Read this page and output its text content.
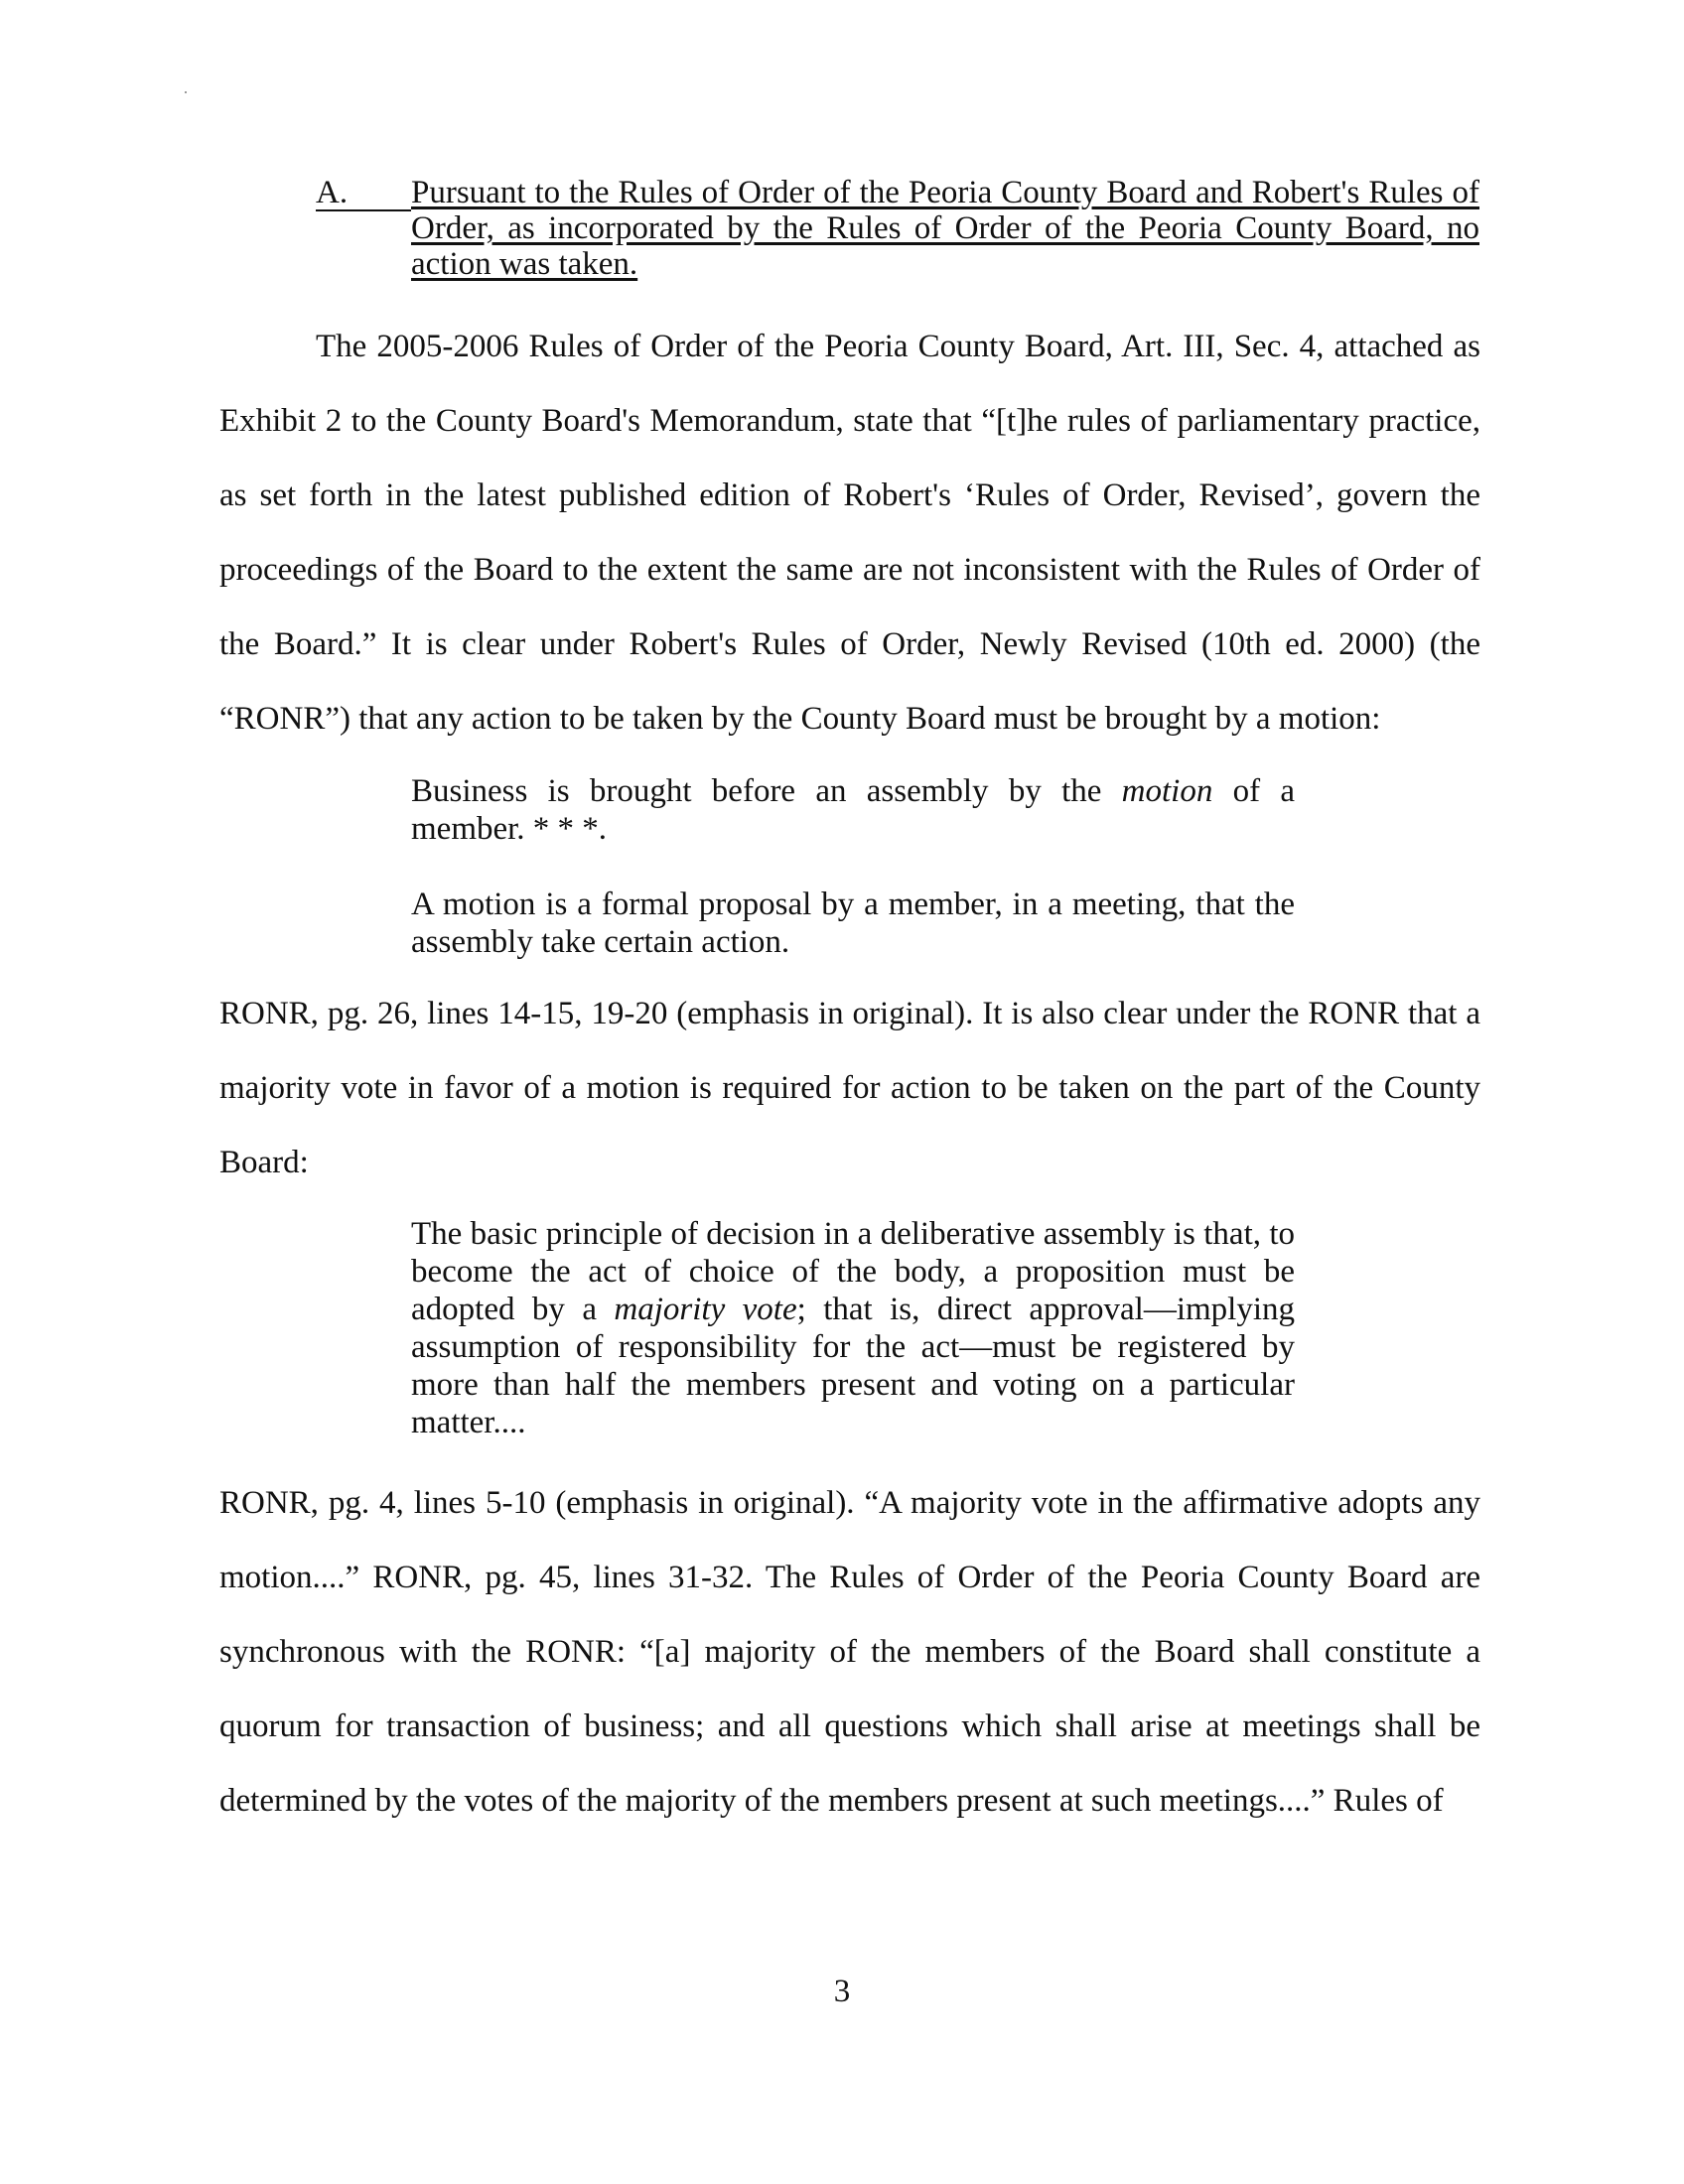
A. Pursuant to the Rules of Order of the Peoria County Board and Robert's Rules of Order, as incorporated by the Rules of Order of the Peoria County Board, no action was taken.

The 2005-2006 Rules of Order of the Peoria County Board, Art. III, Sec. 4, attached as Exhibit 2 to the County Board's Memorandum, state that “[t]he rules of parliamentary practice, as set forth in the latest published edition of Robert's ‘Rules of Order, Revised’, govern the proceedings of the Board to the extent the same are not inconsistent with the Rules of Order of the Board.” It is clear under Robert's Rules of Order, Newly Revised (10th ed. 2000) (the “RONR”) that any action to be taken by the County Board must be brought by a motion:

Business is brought before an assembly by the motion of a member. * * *.
A motion is a formal proposal by a member, in a meeting, that the assembly take certain action.

RONR, pg. 26, lines 14-15, 19-20 (emphasis in original). It is also clear under the RONR that a majority vote in favor of a motion is required for action to be taken on the part of the County Board:

The basic principle of decision in a deliberative assembly is that, to become the act of choice of the body, a proposition must be adopted by a majority vote; that is, direct approval—implying assumption of responsibility for the act—must be registered by more than half the members present and voting on a particular matter....

RONR, pg. 4, lines 5-10 (emphasis in original). “A majority vote in the affirmative adopts any motion....” RONR, pg. 45, lines 31-32. The Rules of Order of the Peoria County Board are synchronous with the RONR: “[a] majority of the members of the Board shall constitute a quorum for transaction of business; and all questions which shall arise at meetings shall be determined by the votes of the majority of the members present at such meetings....” Rules of

3
